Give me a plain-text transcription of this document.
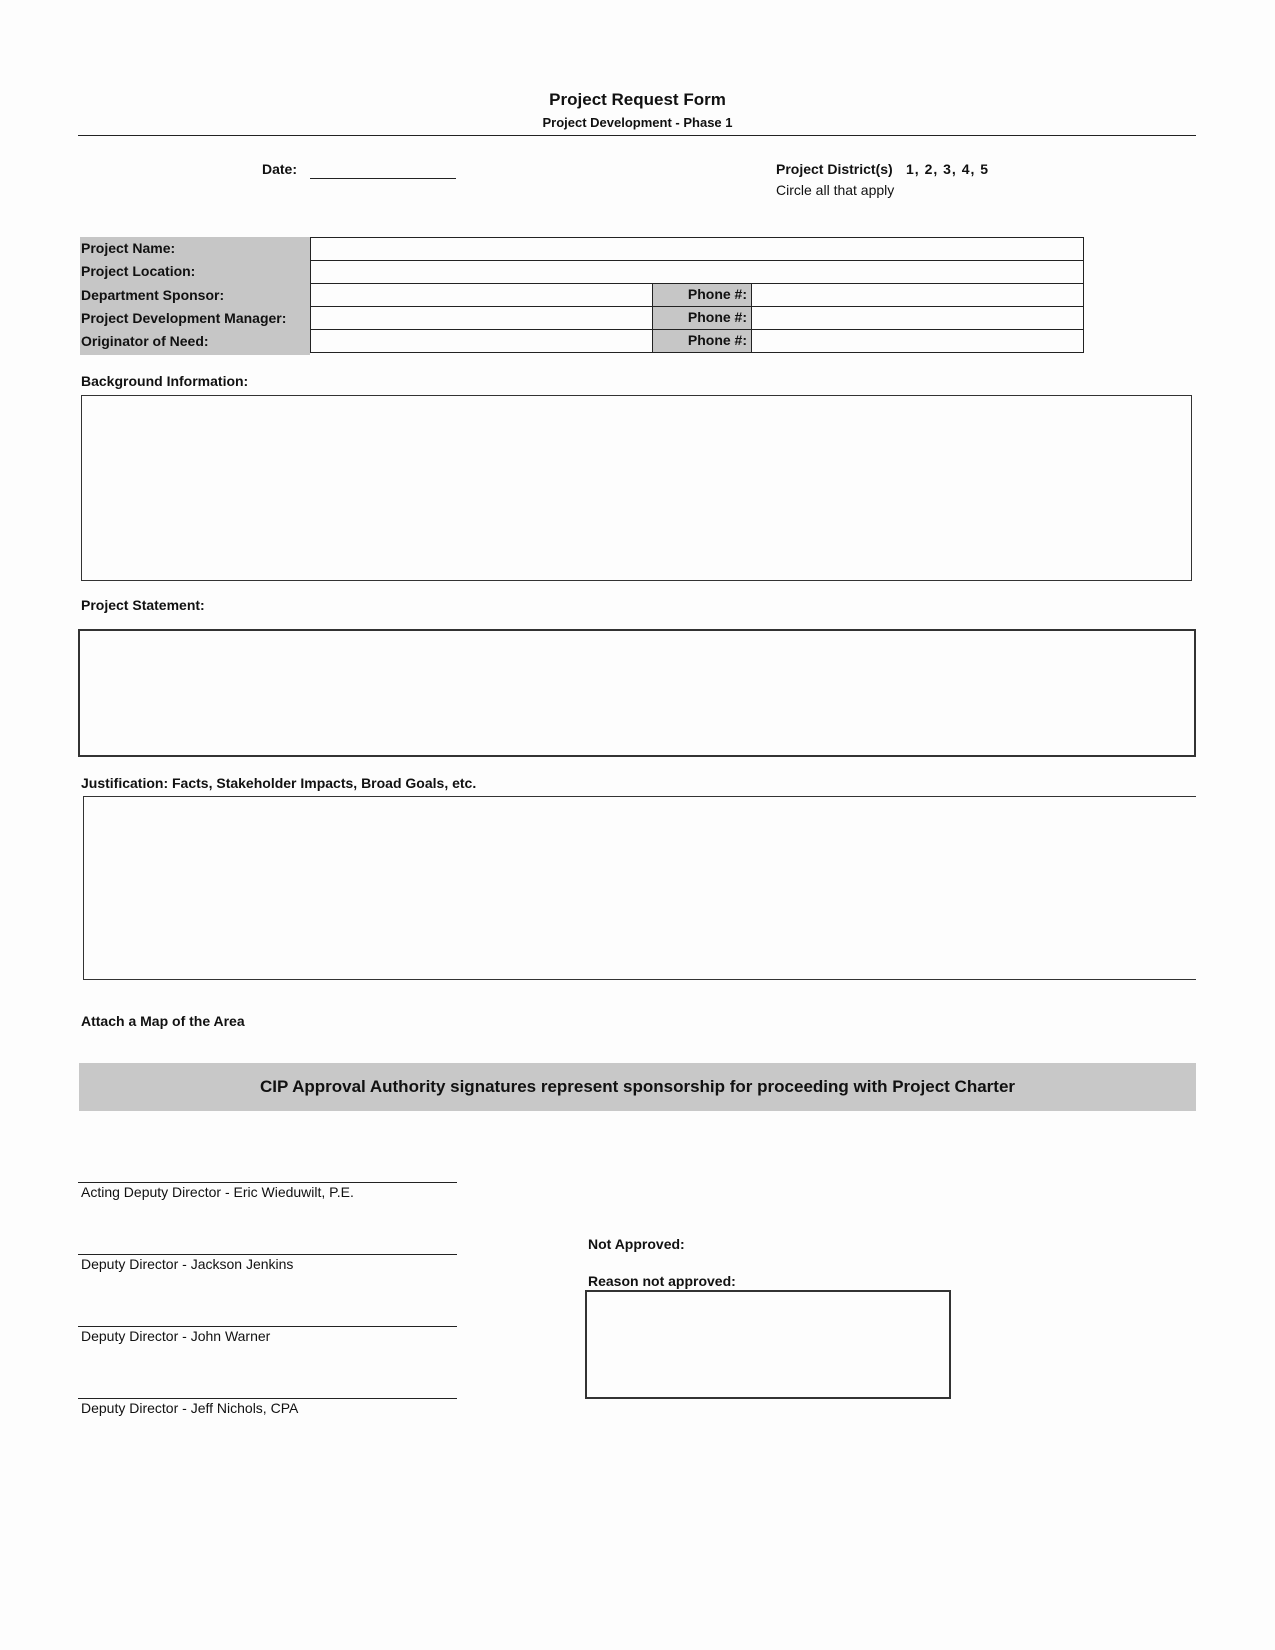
Project Request Form
Project Development - Phase 1
Date:	Project District(s) 1, 2, 3, 4, 5
Circle all that apply
Project Name:
Project Location:
Department Sponsor:
Project Development Manager:
Originator of Need:
Phone #:
Phone #:
Phone #:
Background Information:
Project Statement:
Justification: Facts, Stakeholder Impacts, Broad Goals, etc.
Attach a Map of the Area
CIP Approval Authority signatures represent sponsorship for proceeding with Project Charter
Acting Deputy Director - Eric Wieduwilt, P.E.
Deputy Director - Jackson Jenkins
Deputy Director - John Warner
Deputy Director - Jeff Nichols, CPA
Not Approved:
Reason not approved:
